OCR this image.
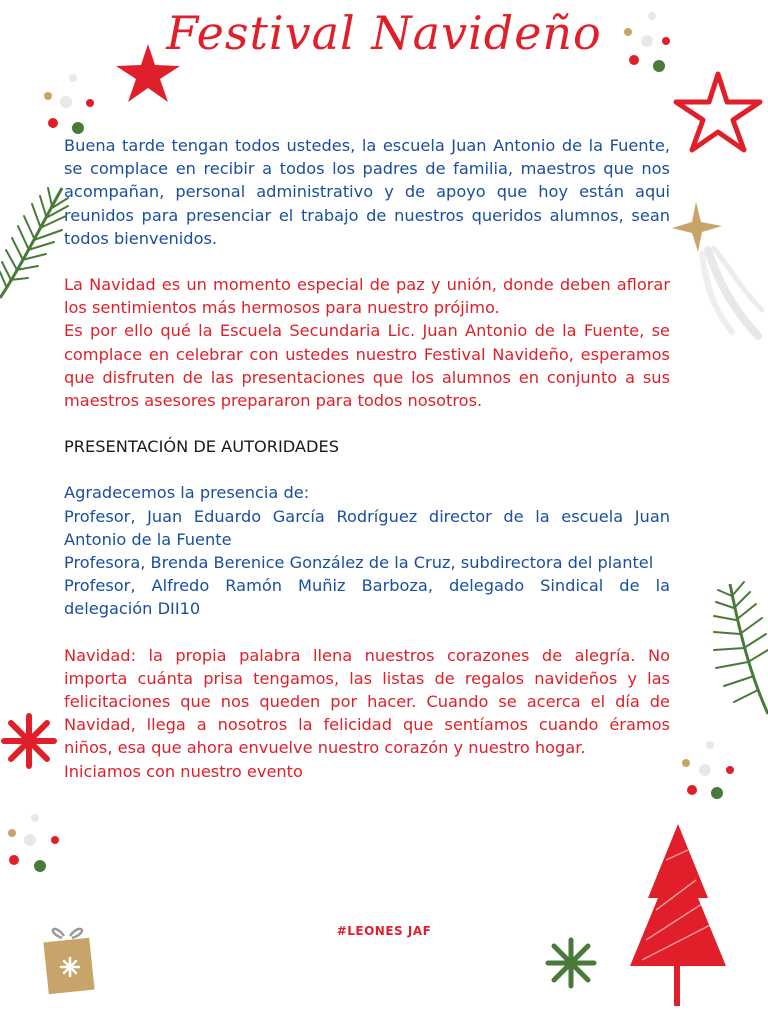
Festival Navideño

Buena tarde tengan todos ustedes, la escuela Juan Antonio de la Fuente, se complace en recibir a todos los padres de familia, maestros que nos acompañan, personal administrativo y de apoyo que hoy están aqui reunidos para presenciar el trabajo de nuestros queridos alumnos, sean todos bienvenidos.

La Navidad es un momento especial de paz y unión, donde deben aflorar los sentimientos más hermosos para nuestro prójimo.

Es por ello qué la Escuela Secundaria Lic. Juan Antonio de la Fuente, se complace en celebrar con ustedes nuestro Festival Navideño, esperamos que disfruten de las presentaciones que los alumnos en conjunto a sus maestros asesores prepararon para todos nosotros.

PRESENTACIÓN DE AUTORIDADES

Agradecemos la presencia de:

Profesor, Juan Eduardo García Rodríguez director de la escuela Juan Antonio de la Fuente

Profesora, Brenda Berenice González de la Cruz, subdirectora del plantel

Profesor, Alfredo Ramón Muñiz Barboza, delegado Sindical de la delegación DII10

Navidad: la propia palabra llena nuestros corazones de alegría. No importa cuánta prisa tengamos, las listas de regalos navideños y las felicitaciones que nos queden por hacer. Cuando se acerca el día de Navidad, llega a nosotros la felicidad que sentíamos cuando éramos niños, esa que ahora envuelve nuestro corazón y nuestro hogar.

Iniciamos con nuestro evento

#LEONES JAF
